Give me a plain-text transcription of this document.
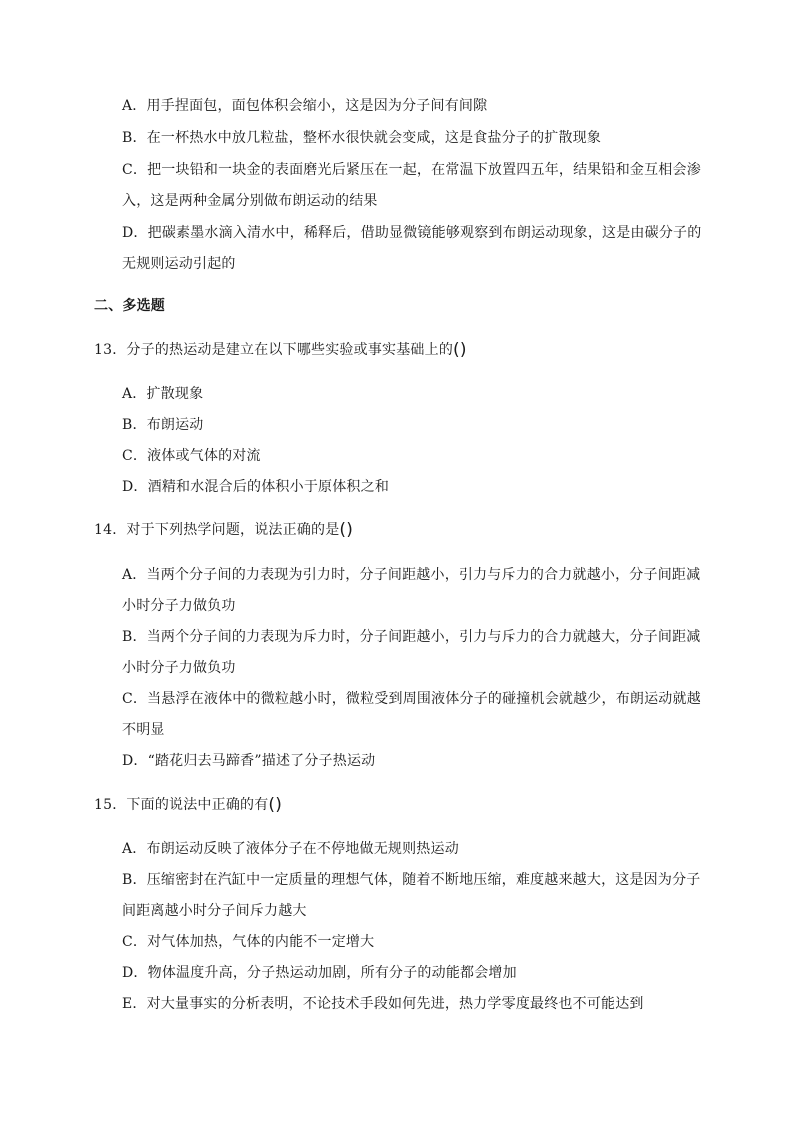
A．用手捏面包，面包体积会缩小，这是因为分子间有间隙
B．在一杯热水中放几粒盐，整杯水很快就会变咸，这是食盐分子的扩散现象
C．把一块铅和一块金的表面磨光后紧压在一起，在常温下放置四五年，结果铅和金互相会渗
入，这是两种金属分别做布朗运动的结果
D．把碳素墨水滴入清水中，稀释后，借助显微镜能够观察到布朗运动现象，这是由碳分子的
无规则运动引起的
二、多选题
13．分子的热运动是建立在以下哪些实验或事实基础上的()
A．扩散现象
B．布朗运动
C．液体或气体的对流
D．酒精和水混合后的体积小于原体积之和
14．对于下列热学问题，说法正确的是()
A．当两个分子间的力表现为引力时，分子间距越小，引力与斥力的合力就越小，分子间距减
小时分子力做负功
B．当两个分子间的力表现为斥力时，分子间距越小，引力与斥力的合力就越大，分子间距减
小时分子力做负功
C．当悬浮在液体中的微粒越小时，微粒受到周围液体分子的碰撞机会就越少，布朗运动就越
不明显
D．“踏花归去马蹄香”描述了分子热运动
15．下面的说法中正确的有()
A．布朗运动反映了液体分子在不停地做无规则热运动
B．压缩密封在汽缸中一定质量的理想气体，随着不断地压缩，难度越来越大，这是因为分子
间距离越小时分子间斥力越大
C．对气体加热，气体的内能不一定增大
D．物体温度升高，分子热运动加剧，所有分子的动能都会增加
E．对大量事实的分析表明，不论技术手段如何先进，热力学零度最终也不可能达到
